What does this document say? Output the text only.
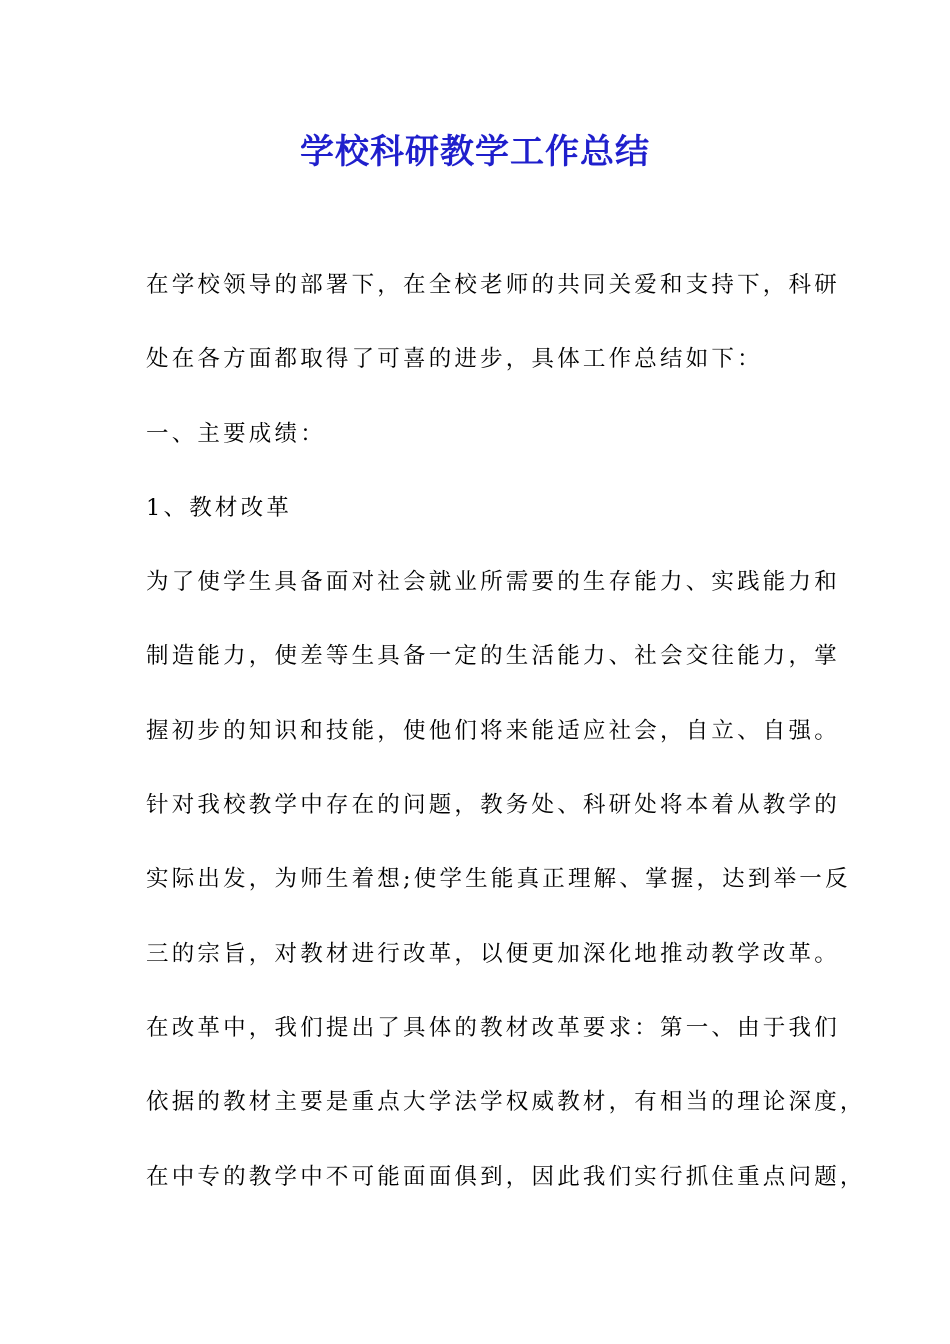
学校科研教学工作总结
在学校领导的部署下，在全校老师的共同关爱和支持下，科研
处在各方面都取得了可喜的进步，具体工作总结如下：
一、主要成绩：
1、教材改革
为了使学生具备面对社会就业所需要的生存能力、实践能力和
制造能力，使差等生具备一定的生活能力、社会交往能力，掌
握初步的知识和技能，使他们将来能适应社会，自立、自强。
针对我校教学中存在的问题，教务处、科研处将本着从教学的
实际出发，为师生着想;使学生能真正理解、掌握，达到举一反
三的宗旨，对教材进行改革，以便更加深化地推动教学改革。
在改革中，我们提出了具体的教材改革要求：第一、由于我们
依据的教材主要是重点大学法学权威教材，有相当的理论深度，
在中专的教学中不可能面面俱到，因此我们实行抓住重点问题，
